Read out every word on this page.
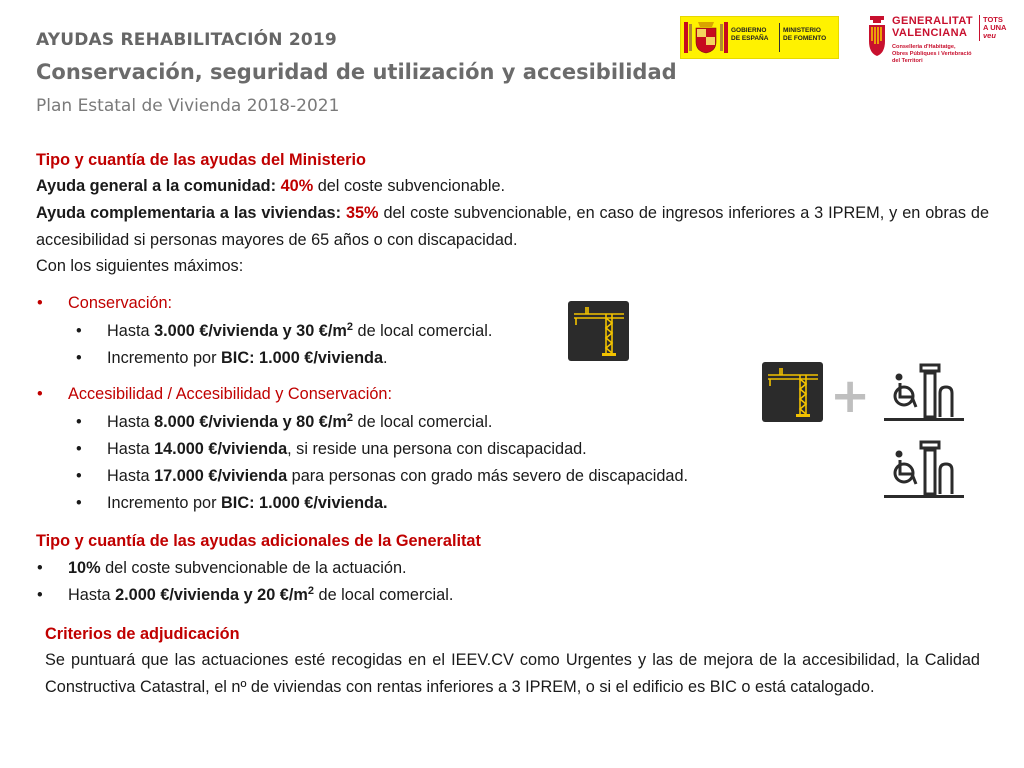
AYUDAS REHABILITACIÓN 2019
Conservación, seguridad de utilización y accesibilidad
Plan Estatal de Vivienda 2018-2021
GOBIERNO
DE ESPAÑA
MINISTERIO
DE FOMENTO
GENERALITAT
VALENCIANA
TOTS
A UNA
veu
Conselleria d'Habitatge,
Obres Públiques i Vertebració
del Territori
Tipo y cuantía de las ayudas del Ministerio
Ayuda general a la comunidad: 40% del coste subvencionable.
Ayuda complementaria a las viviendas: 35% del coste subvencionable, en caso de ingresos inferiores a 3 IPREM, y en obras de accesibilidad si personas mayores de 65 años o con discapacidad.
Con los siguientes máximos:
• Conservación:
• Hasta 3.000 €/vivienda y 30 $€/m^2$ de local comercial.
• Incremento por BIC: 1.000 €/vivienda.
• Accesibilidad / Accesibilidad y Conservación:
• Hasta 8.000 €/vivienda y 80 $€/m^2$ de local comercial.
• Hasta 14.000 €/vivienda, si reside una persona con discapacidad.
• Hasta 17.000 €/vivienda para personas con grado más severo de discapacidad.
• Incremento por BIC: 1.000 €/vivienda.
Tipo y cuantía de las ayudas adicionales de la Generalitat
• 10% del coste subvencionable de la actuación.
• Hasta 2.000 €/vivienda y 20 $€/m^2$ de local comercial.
Criterios de adjudicación
Se puntuará que las actuaciones esté recogidas en el IEEV.CV como Urgentes y las de mejora de la accesibilidad, la Calidad Constructiva Catastral, el nº de viviendas con rentas inferiores a 3 IPREM, o si el edificio es BIC o está catalogado.
+
